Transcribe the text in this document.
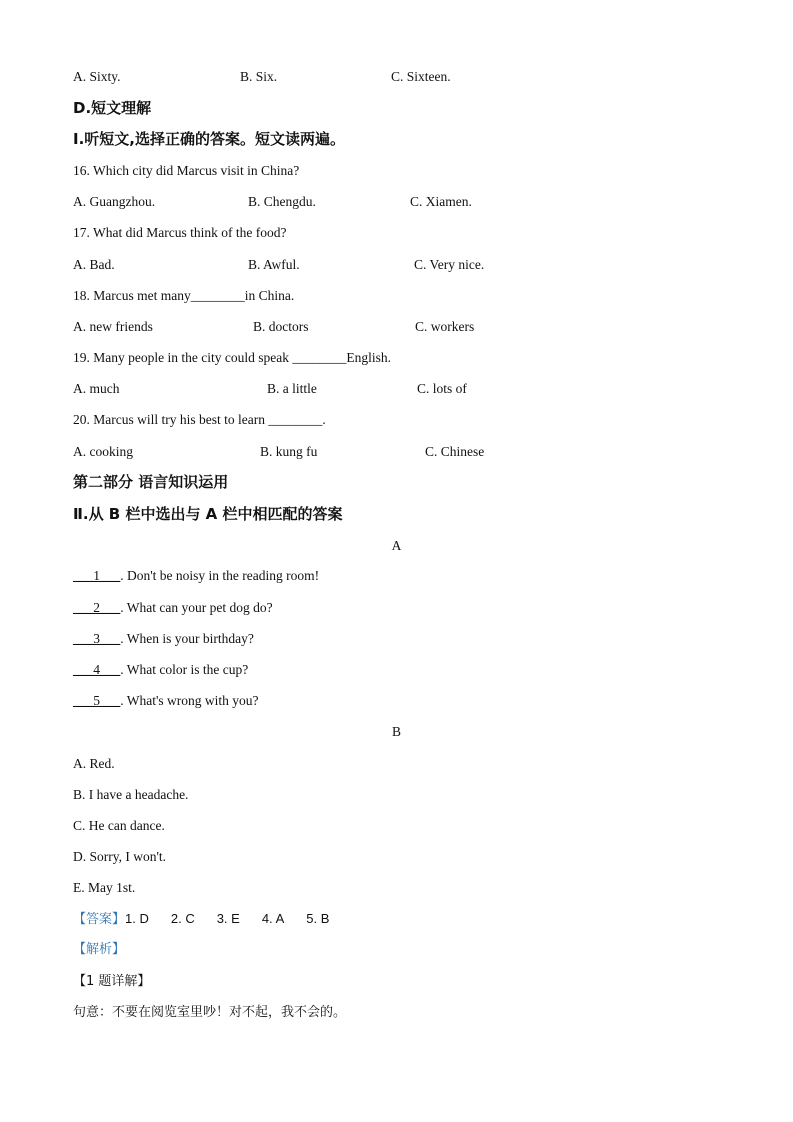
A. Sixty.	B. Six.	C. Sixteen.
D.短文理解
Ⅰ.听短文,选择正确的答案。短文读两遍。
16. Which city did Marcus visit in China?
A. Guangzhou.	B. Chengdu.	C. Xiamen.
17. What did Marcus think of the food?
A. Bad.	B. Awful.	C. Very nice.
18. Marcus met many________in China.
A. new friends	B. doctors	C. workers
19. Many people in the city could speak ________English.
A. much	B. a little	C. lots of
20. Marcus will try his best to learn ________.
A. cooking	B. kung fu	C. Chinese
第二部分 语言知识运用
Ⅱ.从 B 栏中选出与 A 栏中相匹配的答案
A
___1___. Don't be noisy in the reading room!
___2___. What can your pet dog do?
___3___. When is your birthday?
___4___. What color is the cup?
___5___. What's wrong with you?
B
A. Red.
B. I have a headache.
C. He can dance.
D. Sorry, I won't.
E. May 1st.
【答案】1. D 2. C 3. E 4. A 5. B
【解析】
【1 题详解】
句意：不要在阅览室里吵！对不起，我不会的。
